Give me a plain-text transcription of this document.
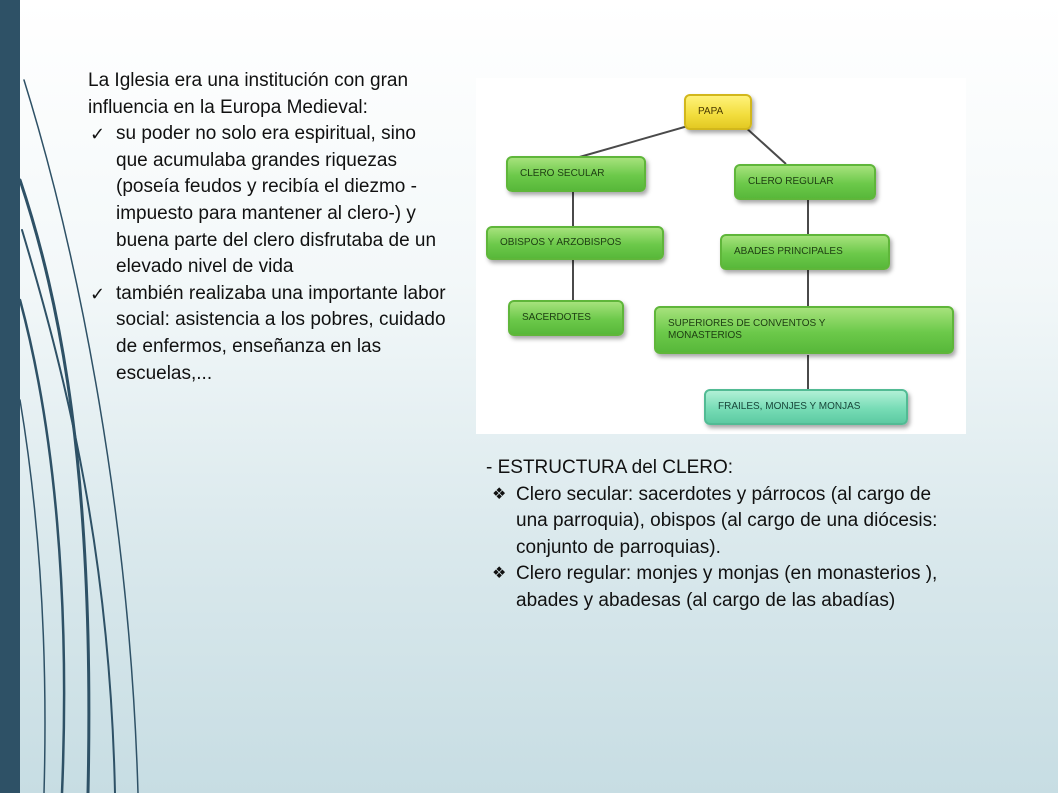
La Iglesia era una institución con gran influencia en la Europa Medieval:

✓ su poder no solo era espiritual, sino que acumulaba grandes riquezas (poseía feudos y recibía el diezmo -impuesto para mantener al clero-) y buena parte del clero disfrutaba de un elevado nivel de vida
✓ también realizaba una importante labor social: asistencia a los pobres, cuidado de enfermos, enseñanza en las escuelas,...
PAPA
CLERO SECULAR
CLERO REGULAR
OBISPOS Y ARZOBISPOS
ABADES PRINCIPALES
SACERDOTES
SUPERIORES DE CONVENTOS Y MONASTERIOS
FRAILES, MONJES Y MONJAS

- ESTRUCTURA del CLERO:

❖ Clero secular: sacerdotes y párrocos (al cargo de una parroquia), obispos (al cargo de una diócesis: conjunto de parroquias).
❖ Clero regular: monjes y monjas (en monasterios ), abades y abadesas (al cargo de las abadías)
